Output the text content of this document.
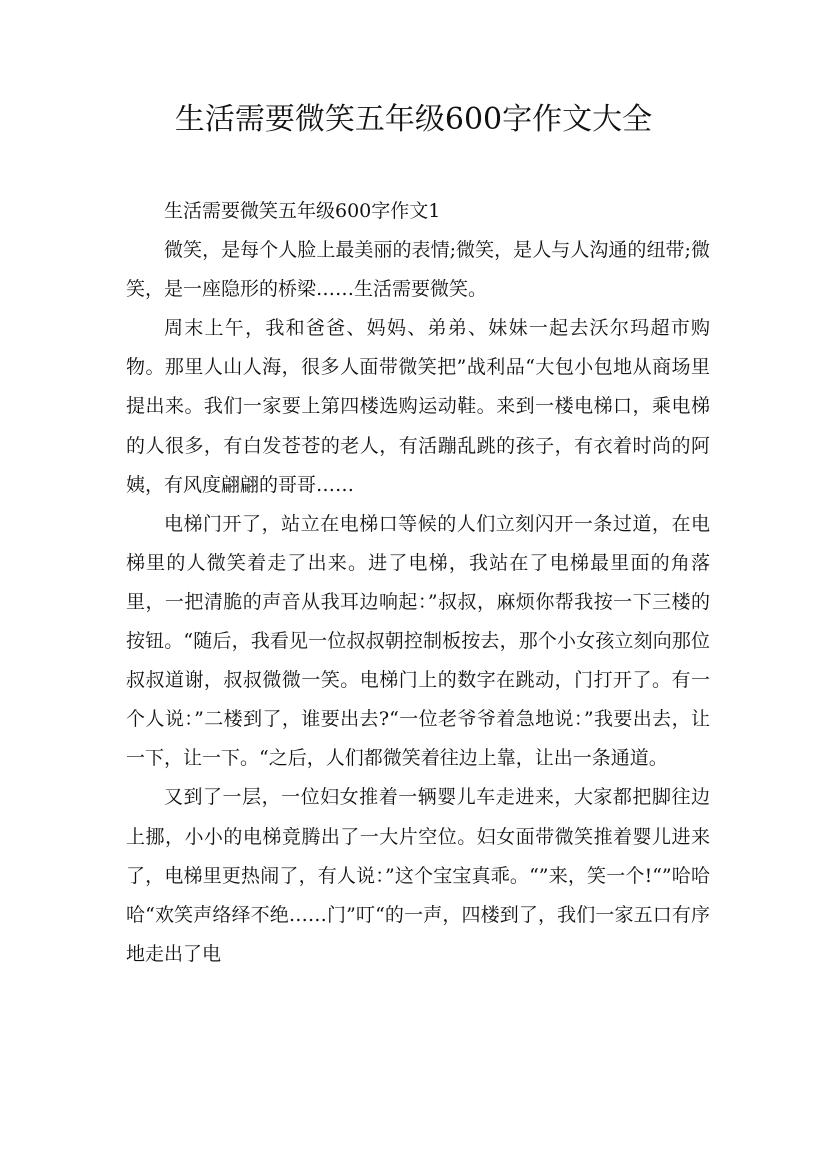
生活需要微笑五年级600字作文大全

生活需要微笑五年级600字作文1

微笑，是每个人脸上最美丽的表情;微笑，是人与人沟通的纽带;微笑，是一座隐形的桥梁……生活需要微笑。

周末上午，我和爸爸、妈妈、弟弟、妹妹一起去沃尔玛超市购物。那里人山人海，很多人面带微笑把”战利品“大包小包地从商场里提出来。我们一家要上第四楼选购运动鞋。来到一楼电梯口，乘电梯的人很多，有白发苍苍的老人，有活蹦乱跳的孩子，有衣着时尚的阿姨，有风度翩翩的哥哥……

电梯门开了，站立在电梯口等候的人们立刻闪开一条过道，在电梯里的人微笑着走了出来。进了电梯，我站在了电梯最里面的角落里，一把清脆的声音从我耳边响起：”叔叔，麻烦你帮我按一下三楼的按钮。“随后，我看见一位叔叔朝控制板按去，那个小女孩立刻向那位叔叔道谢，叔叔微微一笑。电梯门上的数字在跳动，门打开了。有一个人说：”二楼到了，谁要出去?“一位老爷爷着急地说：”我要出去，让一下，让一下。“之后，人们都微笑着往边上靠，让出一条通道。

又到了一层，一位妇女推着一辆婴儿车走进来，大家都把脚往边上挪，小小的电梯竟腾出了一大片空位。妇女面带微笑推着婴儿进来了，电梯里更热闹了，有人说：”这个宝宝真乖。“”来，笑一个!“”哈哈哈“欢笑声络绎不绝……门”叮“的一声，四楼到了，我们一家五口有序地走出了电
